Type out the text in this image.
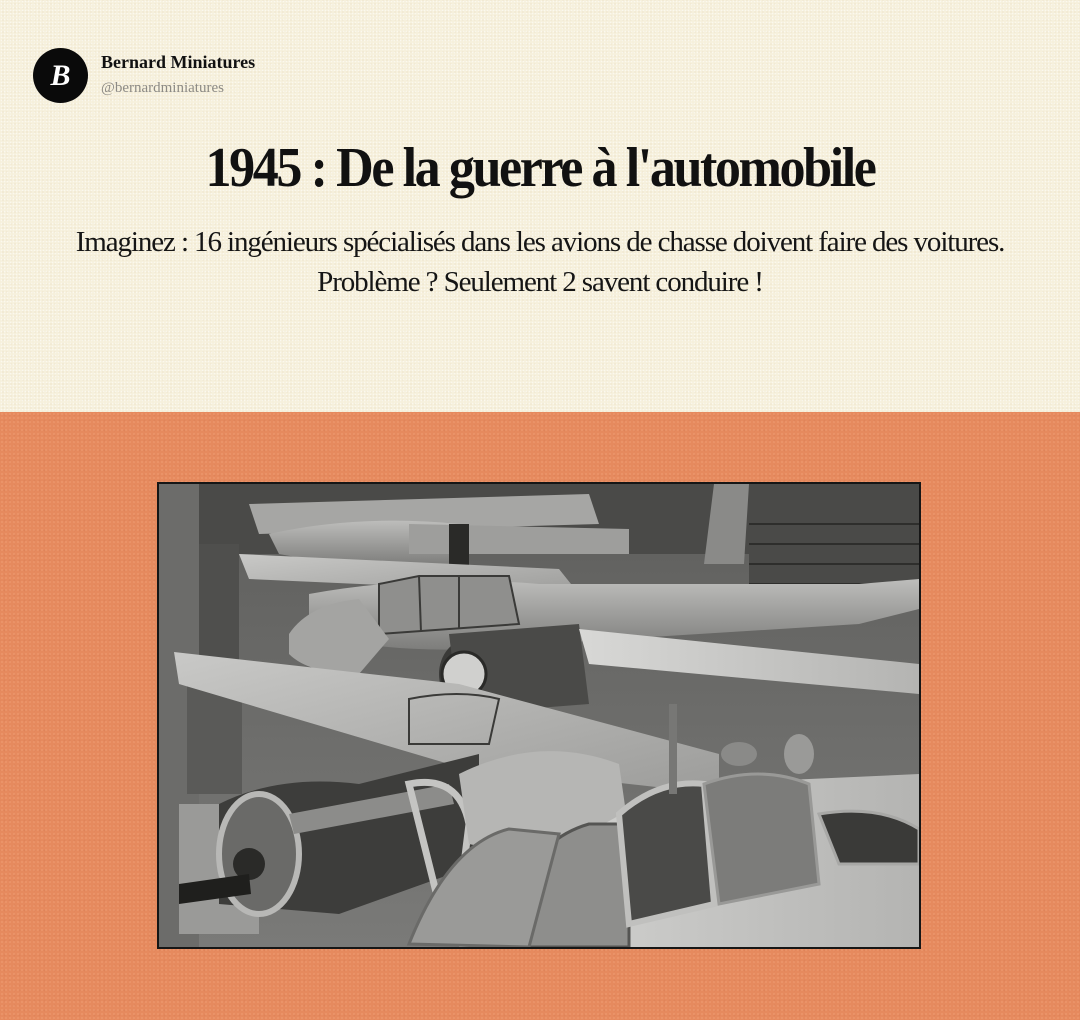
B Bernard Miniatures
@bernardminiatures
1945 : De la guerre à l'automobile
Imaginez : 16 ingénieurs spécialisés dans les avions de chasse doivent faire des voitures. Problème ? Seulement 2 savent conduire !
